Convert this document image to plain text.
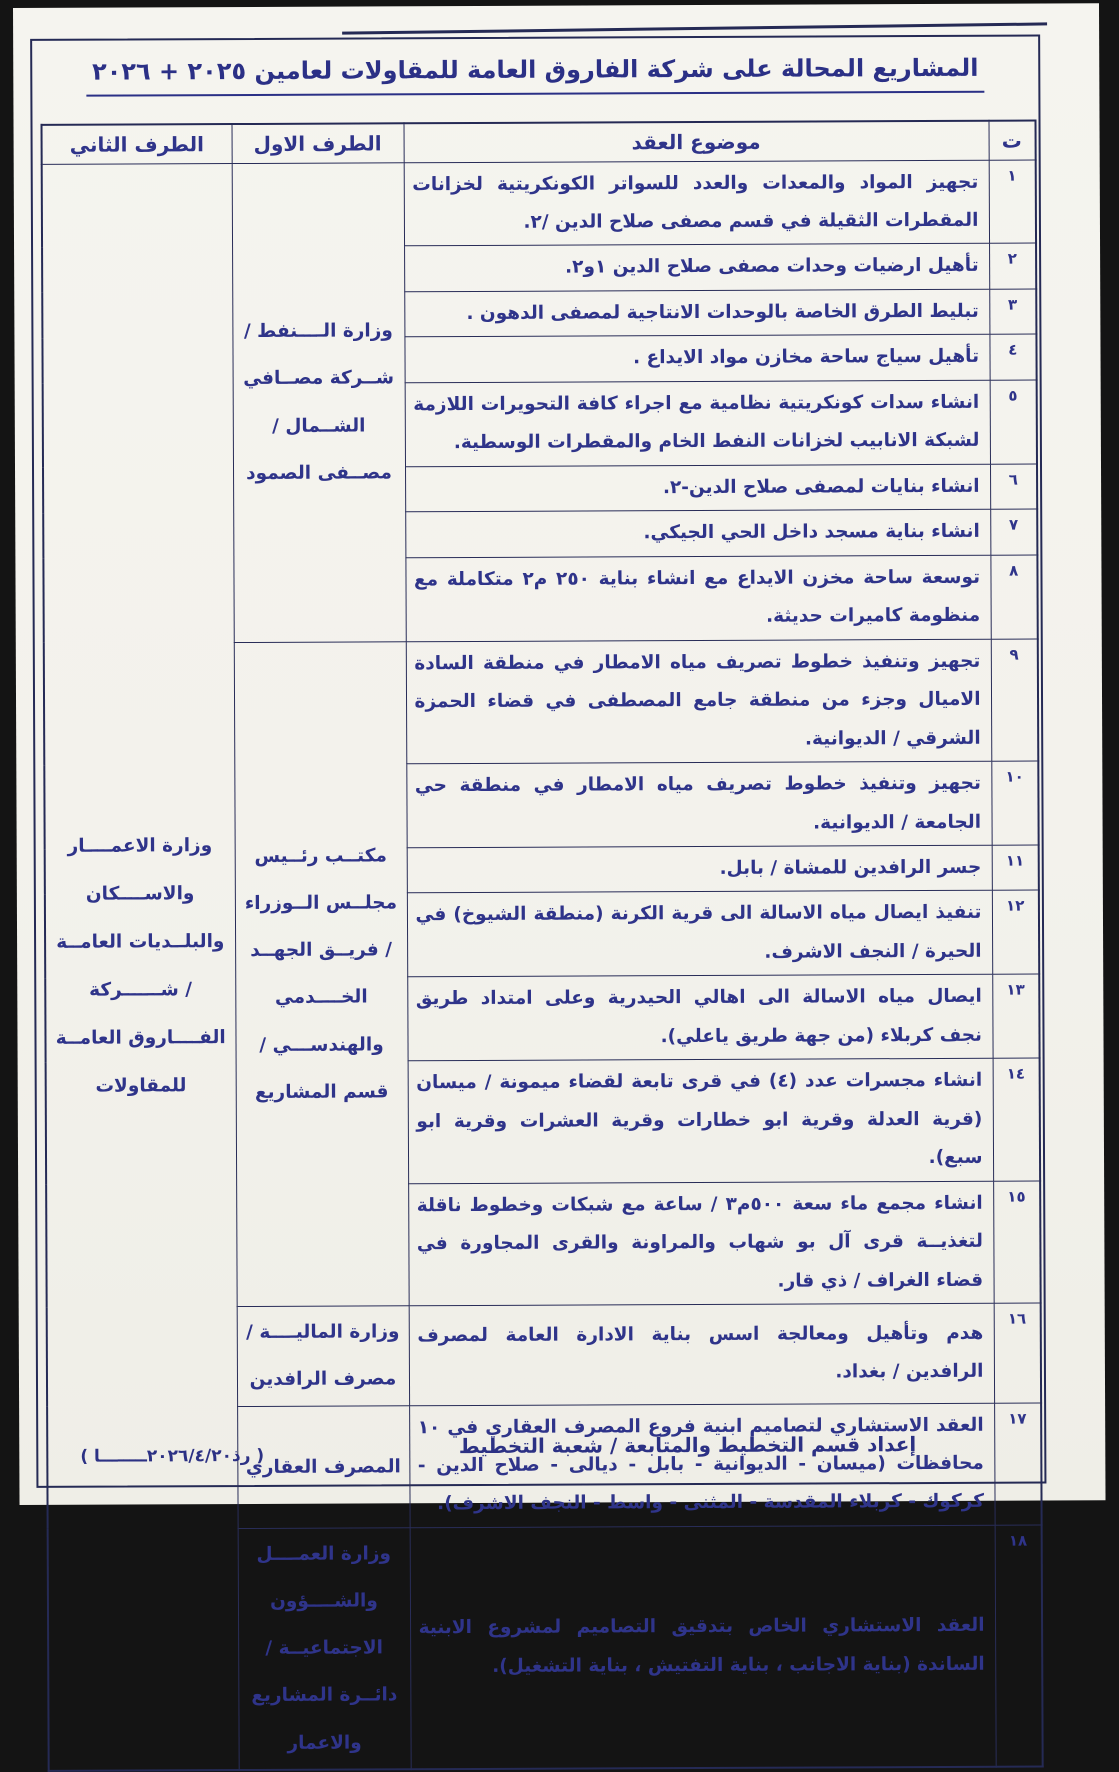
المشاريع المحالة على شركة الفاروق العامة للمقاولات لعامين ٢٠٢٥ + ٢٠٢٦
ت	موضوع العقد	الطرف الاول	الطرف الثاني
١	تجهيز المواد والمعدات والعدد للسواتر الكونكريتية لخزانات المقطرات الثقيلة في قسم مصفى صلاح الدين /٢.	وزارة الــــنفط / شــركة مصــافي الشــمال / مصــفى الصمود	وزارة الاعمــــار والاســــكان والبلــديات العامــة / شــــــركة الفــــاروق العامــة للمقاولات
٢	تأهيل ارضيات وحدات مصفى صلاح الدين ١و٢.		
٣	تبليط الطرق الخاصة بالوحدات الانتاجية لمصفى الدهون .		
٤	تأهيل سياج ساحة مخازن مواد الايداع .		
٥	انشاء سدات كونكريتية نظامية مع اجراء كافة التحويرات اللازمة لشبكة الانابيب لخزانات النفط الخام والمقطرات الوسطية.		
٦	انشاء بنايات لمصفى صلاح الدين-٢.		
٧	انشاء بناية مسجد داخل الحي الجيكي.		
٨	توسعة ساحة مخزن الايداع مع انشاء بناية ٢٥٠ م٢ متكاملة مع منظومة كاميرات حديثة.		
٩	تجهيز وتنفيذ خطوط تصريف مياه الامطار في منطقة السادة الاميال وجزء من منطقة جامع المصطفى في قضاء الحمزة الشرقي / الديوانية.	مكتــب رئــيس مجلــس الــوزراء / فريــق الجهــد الخــــدمي والهندســـي / قسم المشاريع	
١٠	تجهيز وتنفيذ خطوط تصريف مياه الامطار في منطقة حي الجامعة / الديوانية.		
١١	جسر الرافدين للمشاة / بابل.		
١٢	تنفيذ ايصال مياه الاسالة الى قرية الكرنة (منطقة الشيوخ) في الحيرة / النجف الاشرف.		
١٣	ايصال مياه الاسالة الى اهالي الحيدرية وعلى امتداد طريق نجف كربلاء (من جهة طريق ياعلي).		
١٤	انشاء مجسرات عدد (٤) في قرى تابعة لقضاء ميمونة / ميسان (قرية العدلة وقرية ابو خطارات وقرية العشرات وقرية ابو سبع).		
١٥	انشاء مجمع ماء سعة ٥٠٠م٣ / ساعة مع شبكات وخطوط ناقلة لتغذيــة قرى آل بو شهاب والمراونة والقرى المجاورة في قضاء الغراف / ذي قار.		
١٦	هدم وتأهيل ومعالجة اسس بناية الادارة العامة لمصرف الرافدين / بغداد.	وزارة الماليــــة / مصرف الرافدين	
١٧	العقد الاستشاري لتصاميم ابنية فروع المصرف العقاري في ١٠ محافظات (ميسان - الديوانية - بابل - ديالى - صلاح الدين - كركوك - كربلاء المقدسة - المثنى - واسط - النجف الاشرف).	المصرف العقاري	
١٨	العقد الاستشاري الخاص بتدقيق التصاميم لمشروع الابنية الساندة (بناية الاجانب ، بناية التفتيش ، بناية التشغيل).	وزارة العمــــل والشــــؤون الاجتماعيــة / دائــرة المشاريع والاعمار	
إعداد قسم التخطيط والمتابعة / شعبة التخطيط
( رذ٢٠٢٦/٤/٢٠ــــــــا )
